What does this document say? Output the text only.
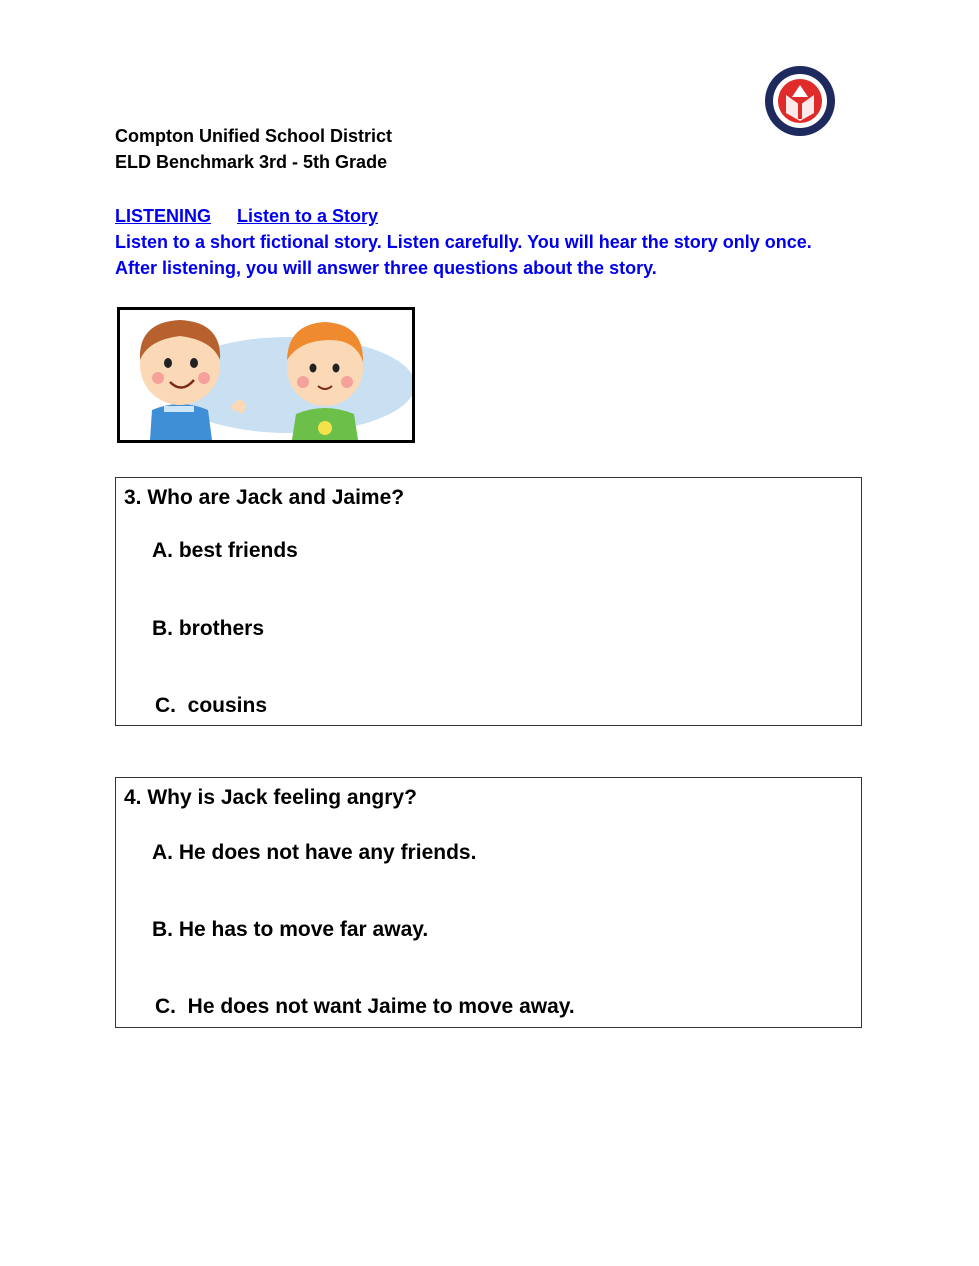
Compton Unified School District
ELD Benchmark 3rd - 5th Grade
LISTENING Listen to a Story
Listen to a short fictional story. Listen carefully. You will hear the story only once.
After listening, you will answer three questions about the story.
3. Who are Jack and Jaime?
A. best friends
B. brothers
C.  cousins
4. Why is Jack feeling angry?
A. He does not have any friends.
B. He has to move far away.
C.  He does not want Jaime to move away.
